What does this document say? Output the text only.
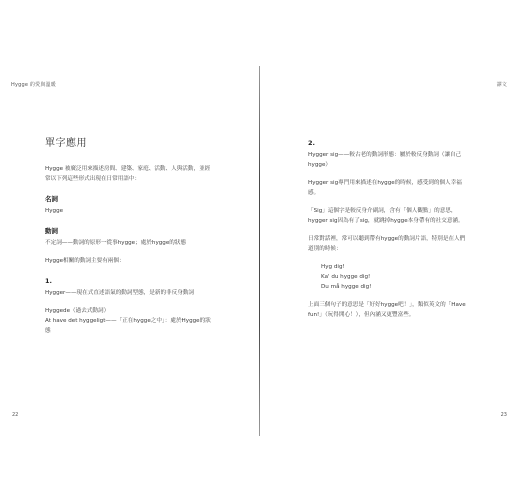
Hygge 的愛與溫暖
單字應用
Hygge 被廣泛用來描述房間、建築、家庭、活動、人與活動，並經
常以下列這些形式出現在日常用語中：
名詞
Hygge
動詞
不定詞——動詞的原形一從事hygge；處於hygge的狀態
Hygge相關的動詞主要有兩個：
1.
Hygger——現在式直述語氣的動詞型態，是新的非反身動詞
Hyggede（過去式動詞）
At have det hyggeligt——「正在hygge之中」：處於Hygge的狀
態
22
譯文
2.
Hygger sig——較古老的動詞形態：屬於較反身動詞（讓自己
hygge）
Hygger sig專門用來描述在hygge的時候，感受到的個人幸福
感。
「Sig」這個字是較反身介副詞，含有「個人觀點」的意思，
hygger sig因為有了sig，就跳掉hygge本身帶有的社交意涵。
日常對話裡，常可以聽到帶有hygge的動詞片語，特別是在人們
道別的時候：
Hyg dig!
Ka' du hygge dig!
Du må hygge dig!
上面三個句子的意思是「好好hygge吧！」，類似英文的「Have
fun!」（玩得開心！），但內涵又更豐富些。
23
